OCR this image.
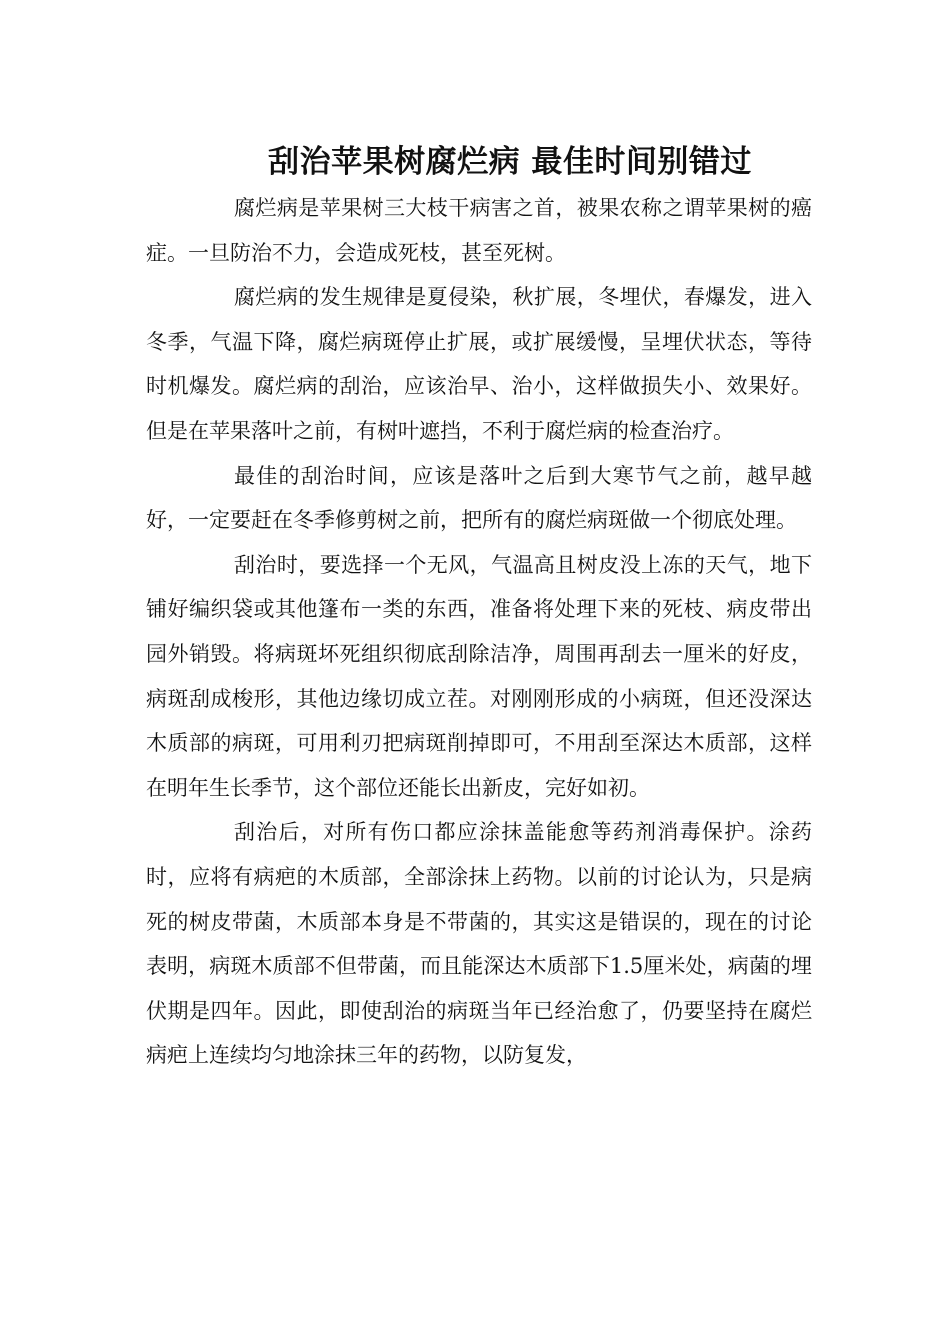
刮治苹果树腐烂病 最佳时间别错过

腐烂病是苹果树三大枝干病害之首，被果农称之谓苹果树的癌症。一旦防治不力，会造成死枝，甚至死树。

腐烂病的发生规律是夏侵染，秋扩展，冬埋伏，春爆发，进入冬季，气温下降，腐烂病斑停止扩展，或扩展缓慢，呈埋伏状态，等待时机爆发。腐烂病的刮治，应该治早、治小，这样做损失小、效果好。但是在苹果落叶之前，有树叶遮挡，不利于腐烂病的检查治疗。

最佳的刮治时间，应该是落叶之后到大寒节气之前，越早越好，一定要赶在冬季修剪树之前，把所有的腐烂病斑做一个彻底处理。

刮治时，要选择一个无风，气温高且树皮没上冻的天气，地下铺好编织袋或其他篷布一类的东西，准备将处理下来的死枝、病皮带出园外销毁。将病斑坏死组织彻底刮除洁净，周围再刮去一厘米的好皮，病斑刮成梭形，其他边缘切成立茬。对刚刚形成的小病斑，但还没深达木质部的病斑，可用利刃把病斑削掉即可，不用刮至深达木质部，这样在明年生长季节，这个部位还能长出新皮，完好如初。

刮治后，对所有伤口都应涂抹盖能愈等药剂消毒保护。涂药时，应将有病疤的木质部，全部涂抹上药物。以前的讨论认为，只是病死的树皮带菌，木质部本身是不带菌的，其实这是错误的，现在的讨论表明，病斑木质部不但带菌，而且能深达木质部下1.5厘米处，病菌的埋伏期是四年。因此，即使刮治的病斑当年已经治愈了，仍要坚持在腐烂病疤上连续均匀地涂抹三年的药物，以防复发，
